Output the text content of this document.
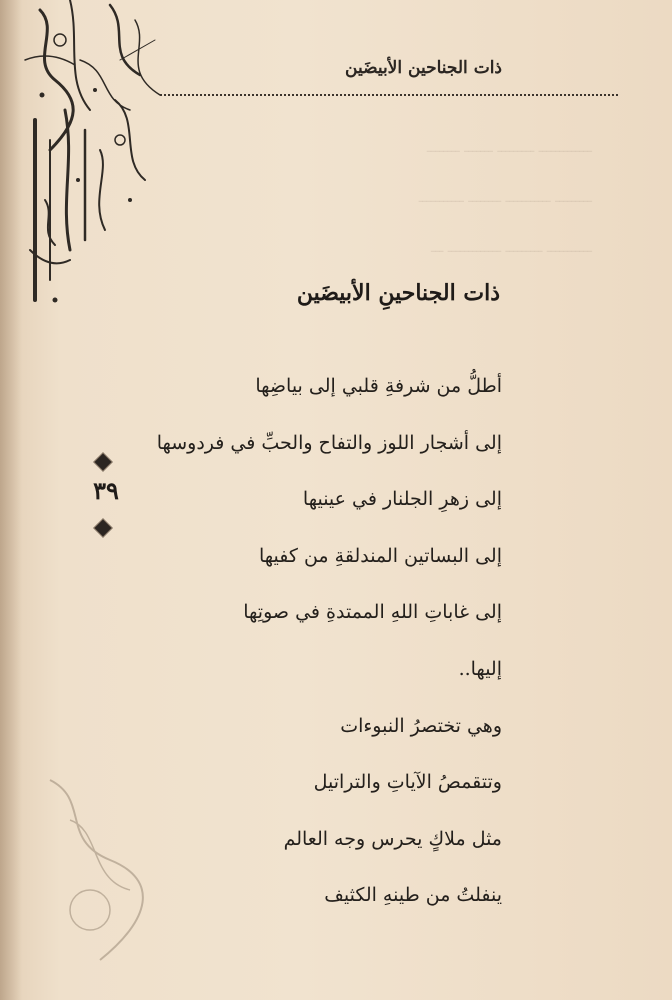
ـــــــــــــ ـــــــــ ـــــــ ــــــــ
ـــــــــ ـــــــــــ ــــــــ ـــــــــــ
ـــــــــــ ـــــــــ ـــــــــــــ ـــ
ذات الجناحين الأبيضَين
ذات الجناحينِ الأبيضَين
أطلُّ من شرفةِ قلبي إلى بياضِها
إلى أشجار اللوز والتفاح والحبِّ في فردوسها
إلى زهرِ الجلنار في عينيها
إلى البساتين المندلقةِ من كفيها
إلى غاباتِ اللهِ الممتدةِ في صوتِها
إليها..
وهي تختصرُ النبوءات
وتتقمصُ الآياتِ والتراتيل
مثل ملاكٍ يحرس وجه العالم
ينفلتُ من طينهِ الكثيف
٣٩
